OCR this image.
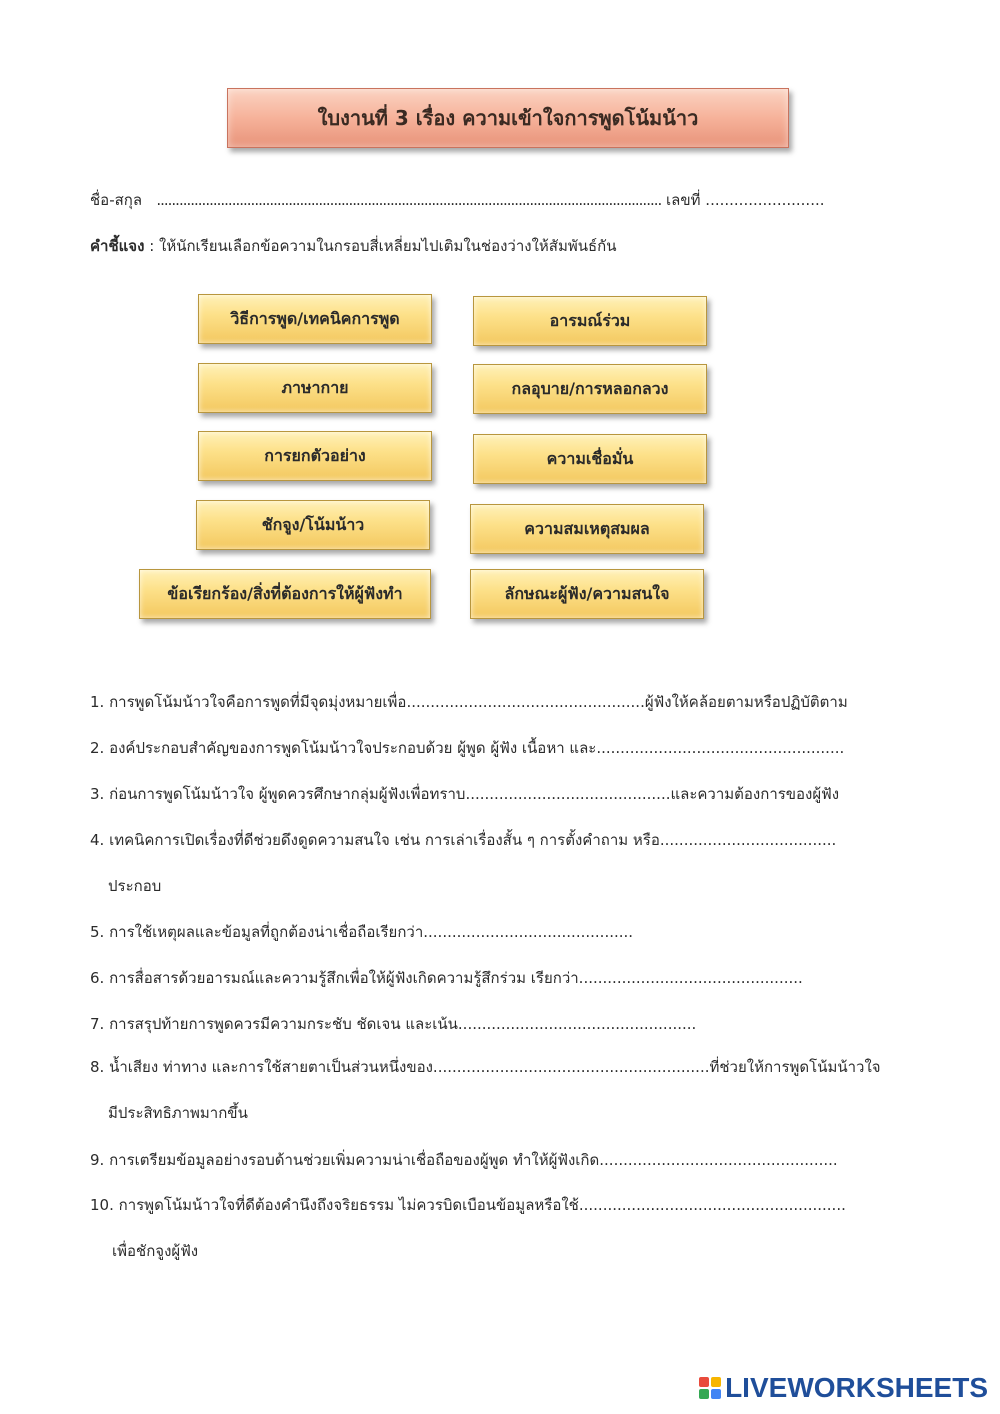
ใบงานที่ 3 เรื่อง ความเข้าใจการพูดโน้มน้าว
ชื่อ-สกุล ...................................................................................................................................... เลขที่ .........................
คำชี้แจง : ให้นักเรียนเลือกข้อความในกรอบสี่เหลี่ยมไปเติมในช่องว่างให้สัมพันธ์กัน
วิธีการพูด/เทคนิคการพูด	อารมณ์ร่วม
ภาษากาย	กลอุบาย/การหลอกลวง
การยกตัวอย่าง	ความเชื่อมั่น
ชักจูง/โน้มน้าว	ความสมเหตุสมผล
ข้อเรียกร้อง/สิ่งที่ต้องการให้ผู้ฟังทำ	ลักษณะผู้ฟัง/ความสนใจ
1. การพูดโน้มน้าวใจคือการพูดที่มีจุดมุ่งหมายเพื่อ..................................................ผู้ฟังให้คล้อยตามหรือปฏิบัติตาม
2. องค์ประกอบสำคัญของการพูดโน้มน้าวใจประกอบด้วย ผู้พูด ผู้ฟัง เนื้อหา และ....................................................
3. ก่อนการพูดโน้มน้าวใจ ผู้พูดควรศึกษากลุ่มผู้ฟังเพื่อทราบ...........................................และความต้องการของผู้ฟัง
4. เทคนิคการเปิดเรื่องที่ดีช่วยดึงดูดความสนใจ เช่น การเล่าเรื่องสั้น ๆ การตั้งคำถาม หรือ.....................................
ประกอบ
5. การใช้เหตุผลและข้อมูลที่ถูกต้องน่าเชื่อถือเรียกว่า............................................
6. การสื่อสารด้วยอารมณ์และความรู้สึกเพื่อให้ผู้ฟังเกิดความรู้สึกร่วม เรียกว่า...............................................
7. การสรุปท้ายการพูดควรมีความกระชับ ชัดเจน และเน้น..................................................
8. น้ำเสียง ท่าทาง และการใช้สายตาเป็นส่วนหนึ่งของ..........................................................ที่ช่วยให้การพูดโน้มน้าวใจ
มีประสิทธิภาพมากขึ้น
9. การเตรียมข้อมูลอย่างรอบด้านช่วยเพิ่มความน่าเชื่อถือของผู้พูด ทำให้ผู้ฟังเกิด..................................................
10. การพูดโน้มน้าวใจที่ดีต้องคำนึงถึงจริยธรรม ไม่ควรบิดเบือนข้อมูลหรือใช้........................................................
เพื่อชักจูงผู้ฟัง
LIVEWORKSHEETS
